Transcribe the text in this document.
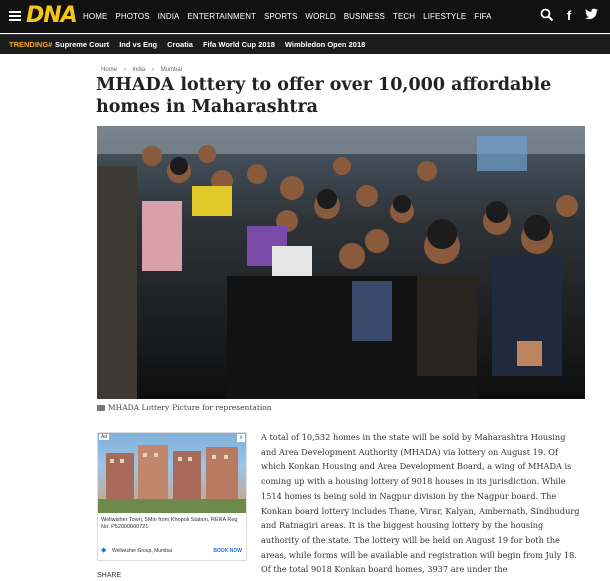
DNA HOME PHOTOS INDIA ENTERTAINMENT SPORTS WORLD BUSINESS TECH LIFESTYLE FIFA	f
TRENDING# Supreme Court Ind vs Eng Croatia Fifa World Cup 2018 Wimbledon Open 2018
Home » India » Mumbai
MHADA lottery to offer over 10,000 affordable homes in Maharashtra
MHADA Lottery Picture for representation
Ad	x
Wellwisher Town, 5Min from Khopoli Station, RERA Reg No: P52000000721
◆	Wellwisher Group, Mumbai	BOOK NOW
SHARE
A total of 10,532 homes in the state will be sold by Maharashtra Housing and Area Development Authority (MHADA) via lottery on August 19. Of which Konkan Housing and Area Development Board, a wing of MHADA is coming up with a housing lottery of 9018 houses in its jurisdiction. While 1514 homes is being sold in Nagpur division by the Nagpur board. The Konkan board lottery includes Thane, Virar, Kalyan, Ambernath, Sindhudurg and Ratnagiri areas. It is the biggest housing lottery by the housing authority of the state. The lottery will be held on August 19 for both the areas, while forms will be available and registration will begin from July 18. Of the total 9018 Konkan board homes, 3937 are under the
